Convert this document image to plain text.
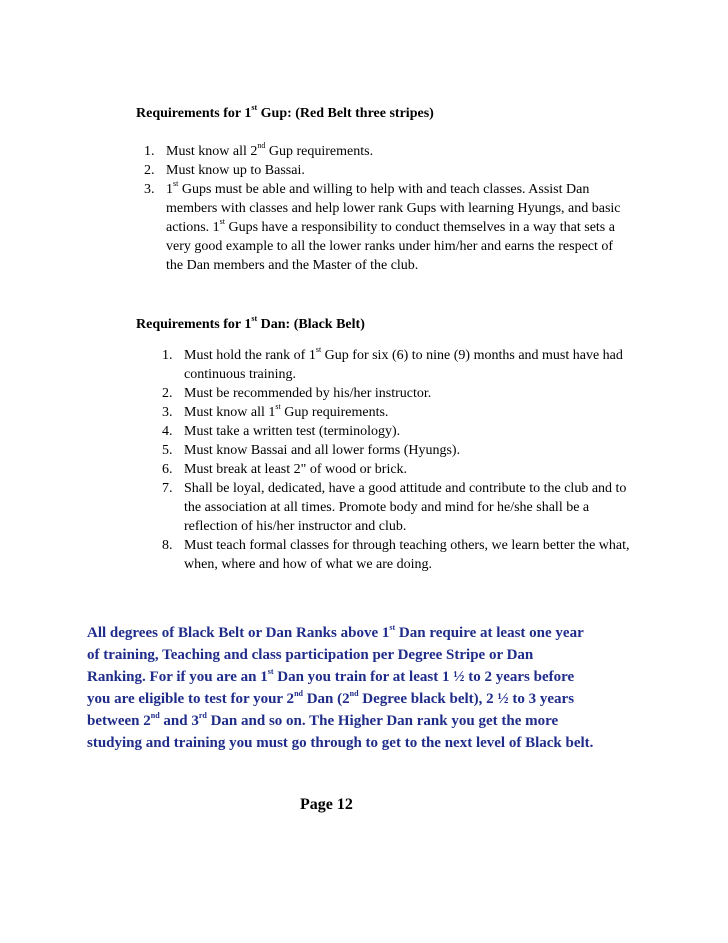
Requirements for 1st Gup: (Red Belt three stripes)
1. Must know all 2nd Gup requirements.
2. Must know up to Bassai.
3. 1st Gups must be able and willing to help with and teach classes. Assist Dan
members with classes and help lower rank Gups with learning Hyungs, and basic
actions. 1st Gups have a responsibility to conduct themselves in a way that sets a
very good example to all the lower ranks under him/her and earns the respect of
the Dan members and the Master of the club.
Requirements for 1st Dan: (Black Belt)
1. Must hold the rank of 1st Gup for six (6) to nine (9) months and must have had
continuous training.
2. Must be recommended by his/her instructor.
3. Must know all 1st Gup requirements.
4. Must take a written test (terminology).
5. Must know Bassai and all lower forms (Hyungs).
6. Must break at least 2" of wood or brick.
7. Shall be loyal, dedicated, have a good attitude and contribute to the club and to
the association at all times. Promote body and mind for he/she shall be a
reflection of his/her instructor and club.
8. Must teach formal classes for through teaching others, we learn better the what,
when, where and how of what we are doing.
All degrees of Black Belt or Dan Ranks above 1st Dan require at least one year
of training, Teaching and class participation per Degree Stripe or Dan
Ranking. For if you are an 1st Dan you train for at least 1 ½ to 2 years before
you are eligible to test for your 2nd Dan (2nd Degree black belt), 2 ½ to 3 years
between 2nd and 3rd Dan and so on. The Higher Dan rank you get the more
studying and training you must go through to get to the next level of Black belt.
Page 12
